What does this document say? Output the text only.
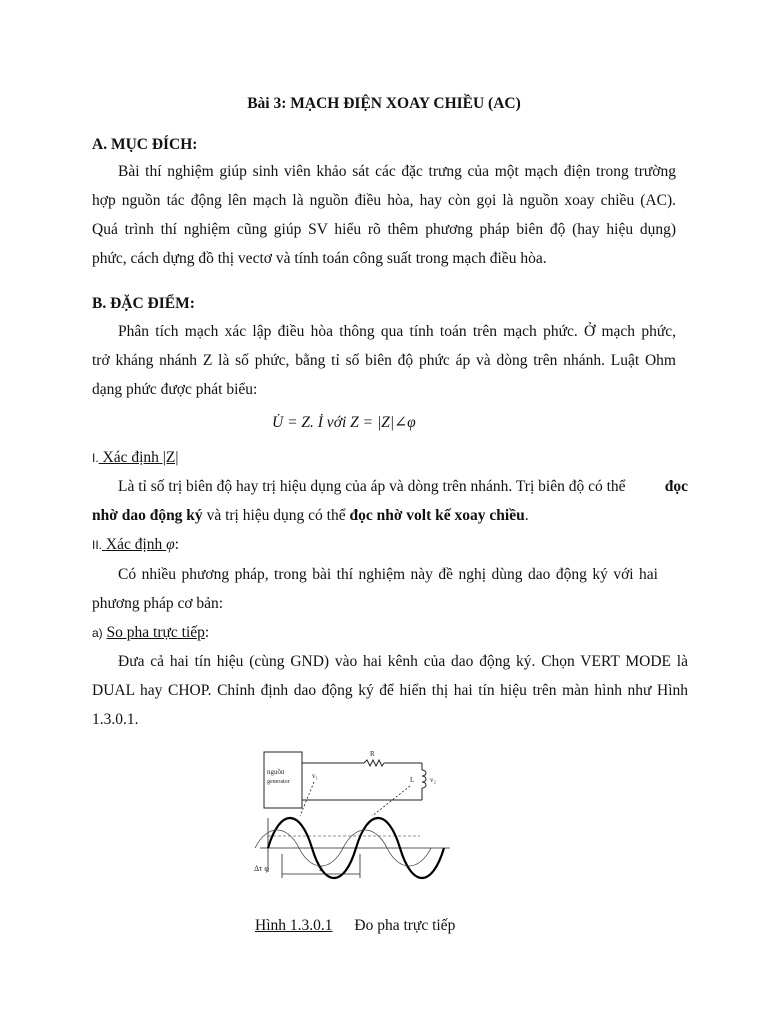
Bài 3: MẠCH ĐIỆN XOAY CHIỀU (AC)
A. MỤC ĐÍCH:
Bài thí nghiệm giúp sinh viên khảo sát các đặc trưng của một mạch điện trong trường
hợp nguồn tác động lên mạch là nguồn điều hòa, hay còn gọi là nguồn xoay chiều (AC).
Quá trình thí nghiệm cũng giúp SV hiểu rõ thêm phương pháp biên độ (hay hiệu dụng)
phức, cách dựng đồ thị vectơ và tính toán công suất trong mạch điều hòa.
B. ĐẶC ĐIỂM:
Phân tích mạch xác lập điều hòa thông qua tính toán trên mạch phức. Ở mạch phức,
trở kháng nhánh Z là số phức, bằng tỉ số biên độ phức áp và dòng trên nhánh. Luật Ohm
dạng phức được phát biểu:
U̇ = Z. İ với Z = |Z|∠φ
I. Xác định |Z|
Là tỉ số trị biên độ hay trị hiệu dụng của áp và dòng trên nhánh. Trị biên độ có thể	đọc
nhờ dao động ký và trị hiệu dụng có thể đọc nhờ volt kế xoay chiều.
II. Xác định φ:
Có nhiều phương pháp, trong bài thí nghiệm này đề nghị dùng dao động ký với hai
phương pháp cơ bản:
a) So pha trực tiếp:
Đưa cả hai tín hiệu (cùng GND) vào hai kênh của dao động ký. Chọn VERT MODE là
DUAL hay CHOP. Chỉnh định dao động ký để hiển thị hai tín hiệu trên màn hình như Hình
1.3.0.1.
nguồn
generator
R
L v₂
v₁
T
Δτ φ
Hình 1.3.0.1 Đo pha trực tiếp
